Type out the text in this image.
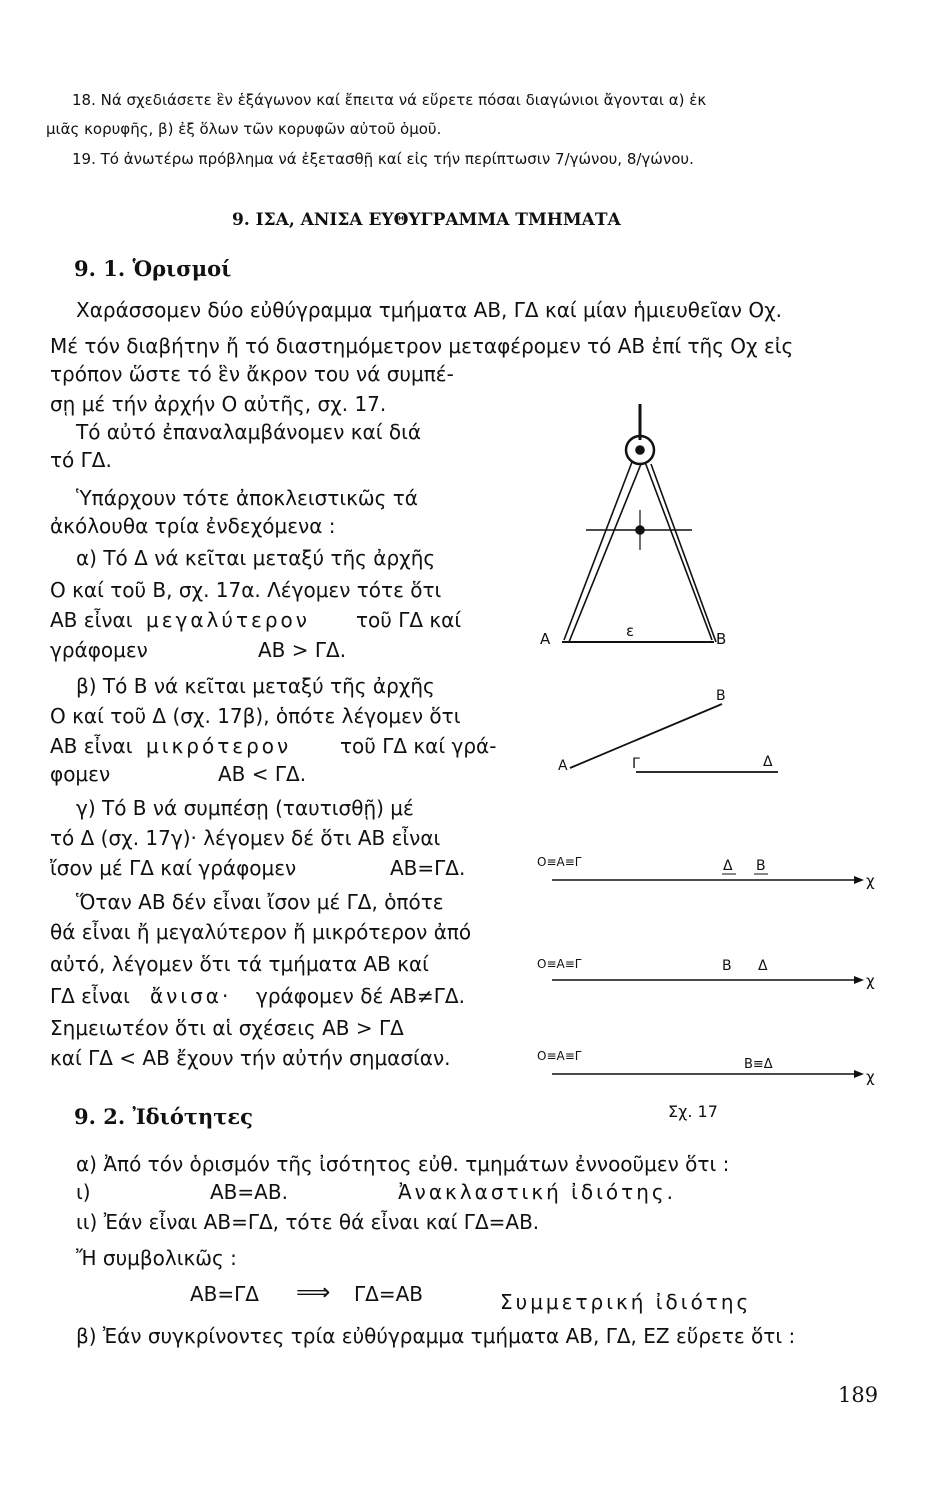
18. Νά σχεδιάσετε ἓν ἑξάγωνον καί ἔπειτα νά εὕρετε πόσαι διαγώνιοι ἄγονται α) ἐκ
μιᾶς κορυφῆς, β) ἐξ ὅλων τῶν κορυφῶν αὐτοῦ ὁμοῦ.
19. Τό ἀνωτέρω πρόβλημα νά ἐξετασθῇ καί εἰς τήν περίπτωσιν 7/γώνου, 8/γώνου.
9. ΙΣΑ, ΑΝΙΣΑ ΕΥΘΥΓΡΑΜΜΑ ΤΜΗΜΑΤΑ
9. 1. Ὁρισμοί
Χαράσσομεν δύο εὐθύγραμμα τμήματα ΑΒ, ΓΔ καί μίαν ἡμιευθεῖαν Οχ.
Μέ τόν διαβήτην ἤ τό διαστημόμετρον μεταφέρομεν τό ΑΒ ἐπί τῆς Οχ εἰς
τρόπον ὥστε τό ἓν ἄκρον του νά συμπέ-
σῃ μέ τήν ἀρχήν Ο αὐτῆς, σχ. 17.
Τό αὐτό ἐπαναλαμβάνομεν καί διά
τό ΓΔ.
Ὑπάρχουν τότε ἀποκλειστικῶς τά
ἀκόλουθα τρία ἐνδεχόμενα :
α) Τό Δ νά κεῖται μεταξύ τῆς ἀρχῆς
Ο καί τοῦ Β, σχ. 17α. Λέγομεν τότε ὅτι
ΑΒ εἶναι μεγαλύτερον τοῦ ΓΔ καί
γράφομεν	ΑΒ > ΓΔ.
β) Τό Β νά κεῖται μεταξύ τῆς ἀρχῆς
Ο καί τοῦ Δ (σχ. 17β), ὁπότε λέγομεν ὅτι
ΑΒ εἶναι μικρότερον τοῦ ΓΔ καί γρά-
φομεν	ΑΒ < ΓΔ.
γ) Τό Β νά συμπέσῃ (ταυτισθῇ) μέ
τό Δ (σχ. 17γ)· λέγομεν δέ ὅτι ΑΒ εἶναι
ἴσον μέ ΓΔ καί γράφομεν	ΑΒ=ΓΔ.
Ὅταν ΑΒ δέν εἶναι ἴσον μέ ΓΔ, ὁπότε
θά εἶναι ἤ μεγαλύτερον ἤ μικρότερον ἀπό
αὐτό, λέγομεν ὅτι τά τμήματα ΑΒ καί
ΓΔ εἶναι ἄνισα· γράφομεν δέ ΑΒ≠ΓΔ.
Σημειωτέον ὅτι αἱ σχέσεις ΑΒ > ΓΔ
καί ΓΔ < ΑΒ ἔχουν τήν αὐτήν σημασίαν.
9. 2. Ἰδιότητες
α) Ἀπό τόν ὁρισμόν τῆς ἰσότητος εὐθ. τμημάτων ἐννοοῦμεν ὅτι :
ι)	ΑΒ=ΑΒ.	Ἀνακλαστική ἰδιότης.
ιι) Ἐάν εἶναι ΑΒ=ΓΔ, τότε θά εἶναι καί ΓΔ=ΑΒ.
Ἤ συμβολικῶς :
ΑΒ=ΓΔ ⟹ ΓΔ=ΑΒ	Συμμετρική ἰδιότης
β) Ἐάν συγκρίνοντες τρία εὐθύγραμμα τμήματα ΑΒ, ΓΔ, ΕΖ εὕρετε ὅτι :
Α	ε	Β
Α
Β
Γ	Δ
Ο≡Α≡Γ	Δ Β
χ
Ο≡Α≡Γ	Β Δ
χ
Ο≡Α≡Γ
Β≡Δ
χ
Σχ. 17
189
